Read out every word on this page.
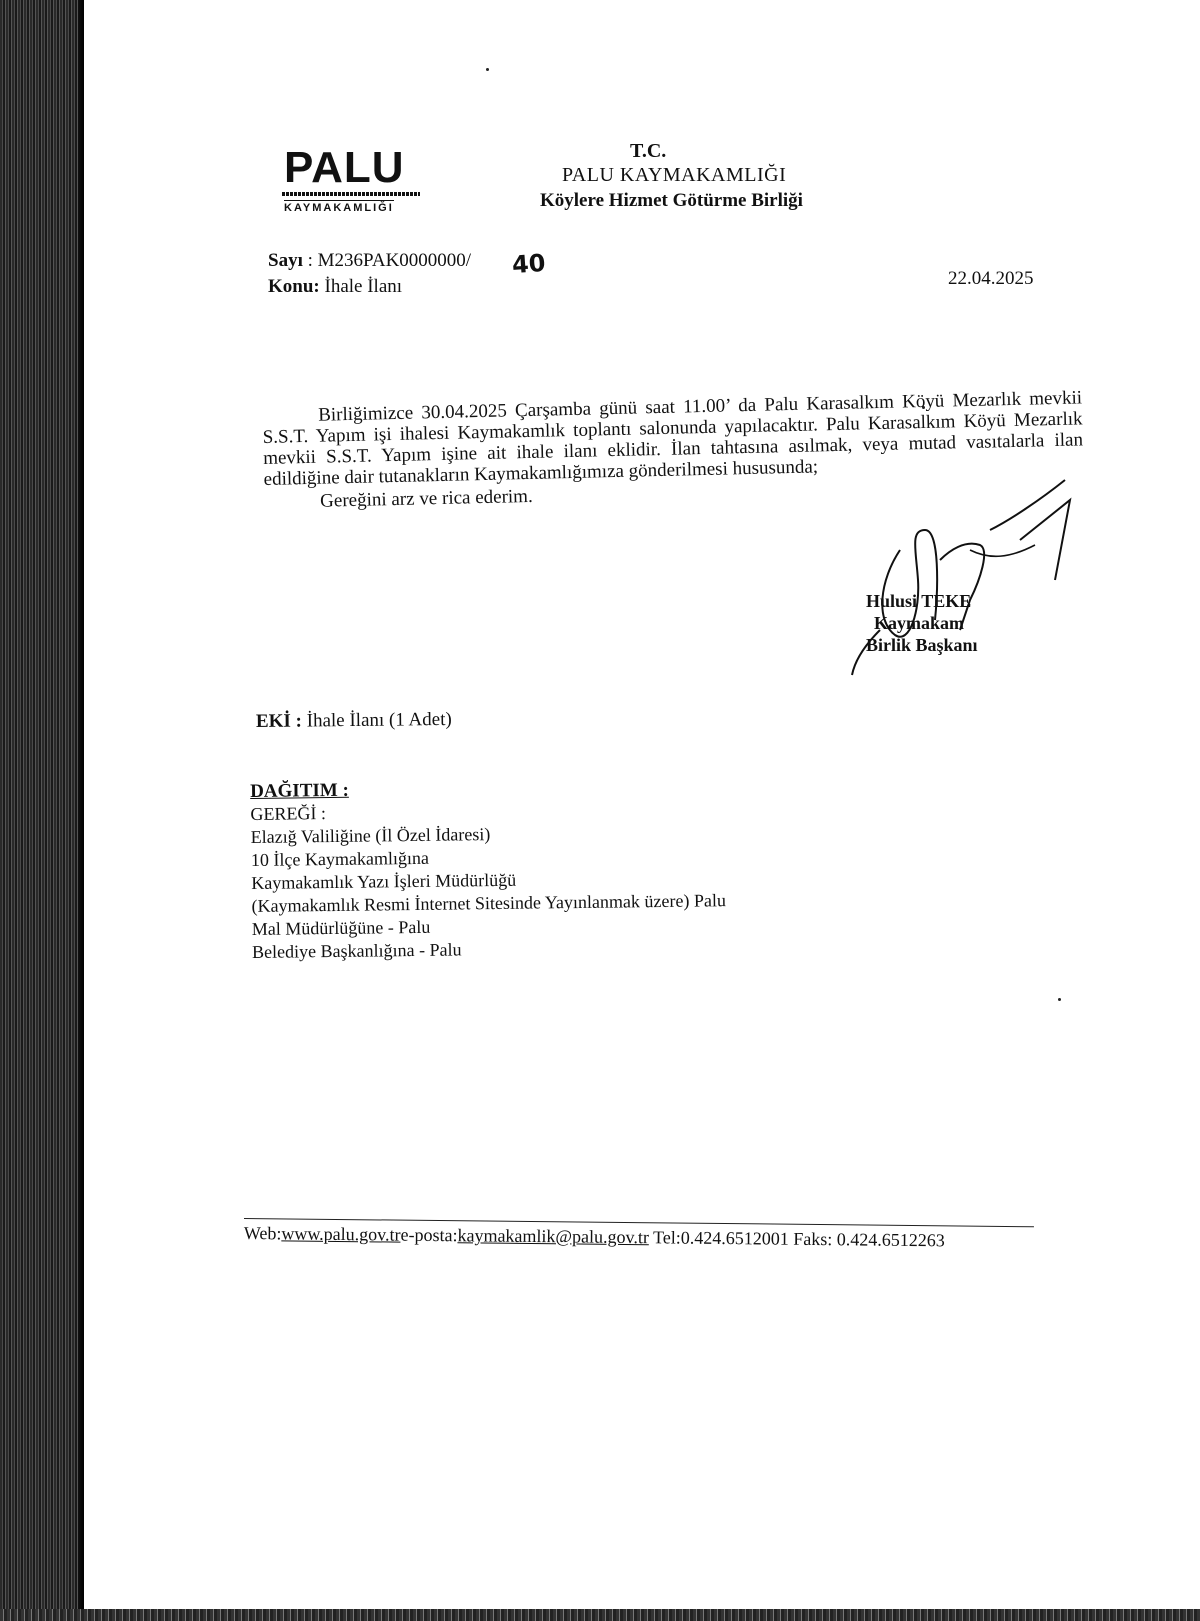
PALU
KAYMAKAMLIĞI
T.C.
PALU KAYMAKAMLIĞI
Köylere Hizmet Götürme Birliği
Sayı : M236PAK0000000/ 40
Konu: İhale İlanı	22.04.2025

Birliğimizce 30.04.2025 Çarşamba günü saat 11.00’ da Palu Karasalkım Köyü Mezarlık mevkii S.S.T. Yapım işi ihalesi Kaymakamlık toplantı salonunda yapılacaktır. Palu Karasalkım Köyü Mezarlık mevkii S.S.T. Yapım işine ait ihale ilanı eklidir. İlan tahtasına asılmak, veya mutad vasıtalarla ilan edildiğine dair tutanakların Kaymakamlığımıza gönderilmesi hususunda;

Gereğini arz ve rica ederim.

Hulusi TEKE
Kaymakam
Birlik Başkanı
EKİ : İhale İlanı (1 Adet)
DAĞITIM :
GEREĞİ :
Elazığ Valiliğine (İl Özel İdaresi)
10 İlçe Kaymakamlığına
Kaymakamlık Yazı İşleri Müdürlüğü
(Kaymakamlık Resmi İnternet Sitesinde Yayınlanmak üzere) Palu
Mal Müdürlüğüne - Palu
Belediye Başkanlığına - Palu
Web:www.palu.gov.tre-posta:kaymakamlik@palu.gov.tr Tel:0.424.6512001 Faks: 0.424.6512263
